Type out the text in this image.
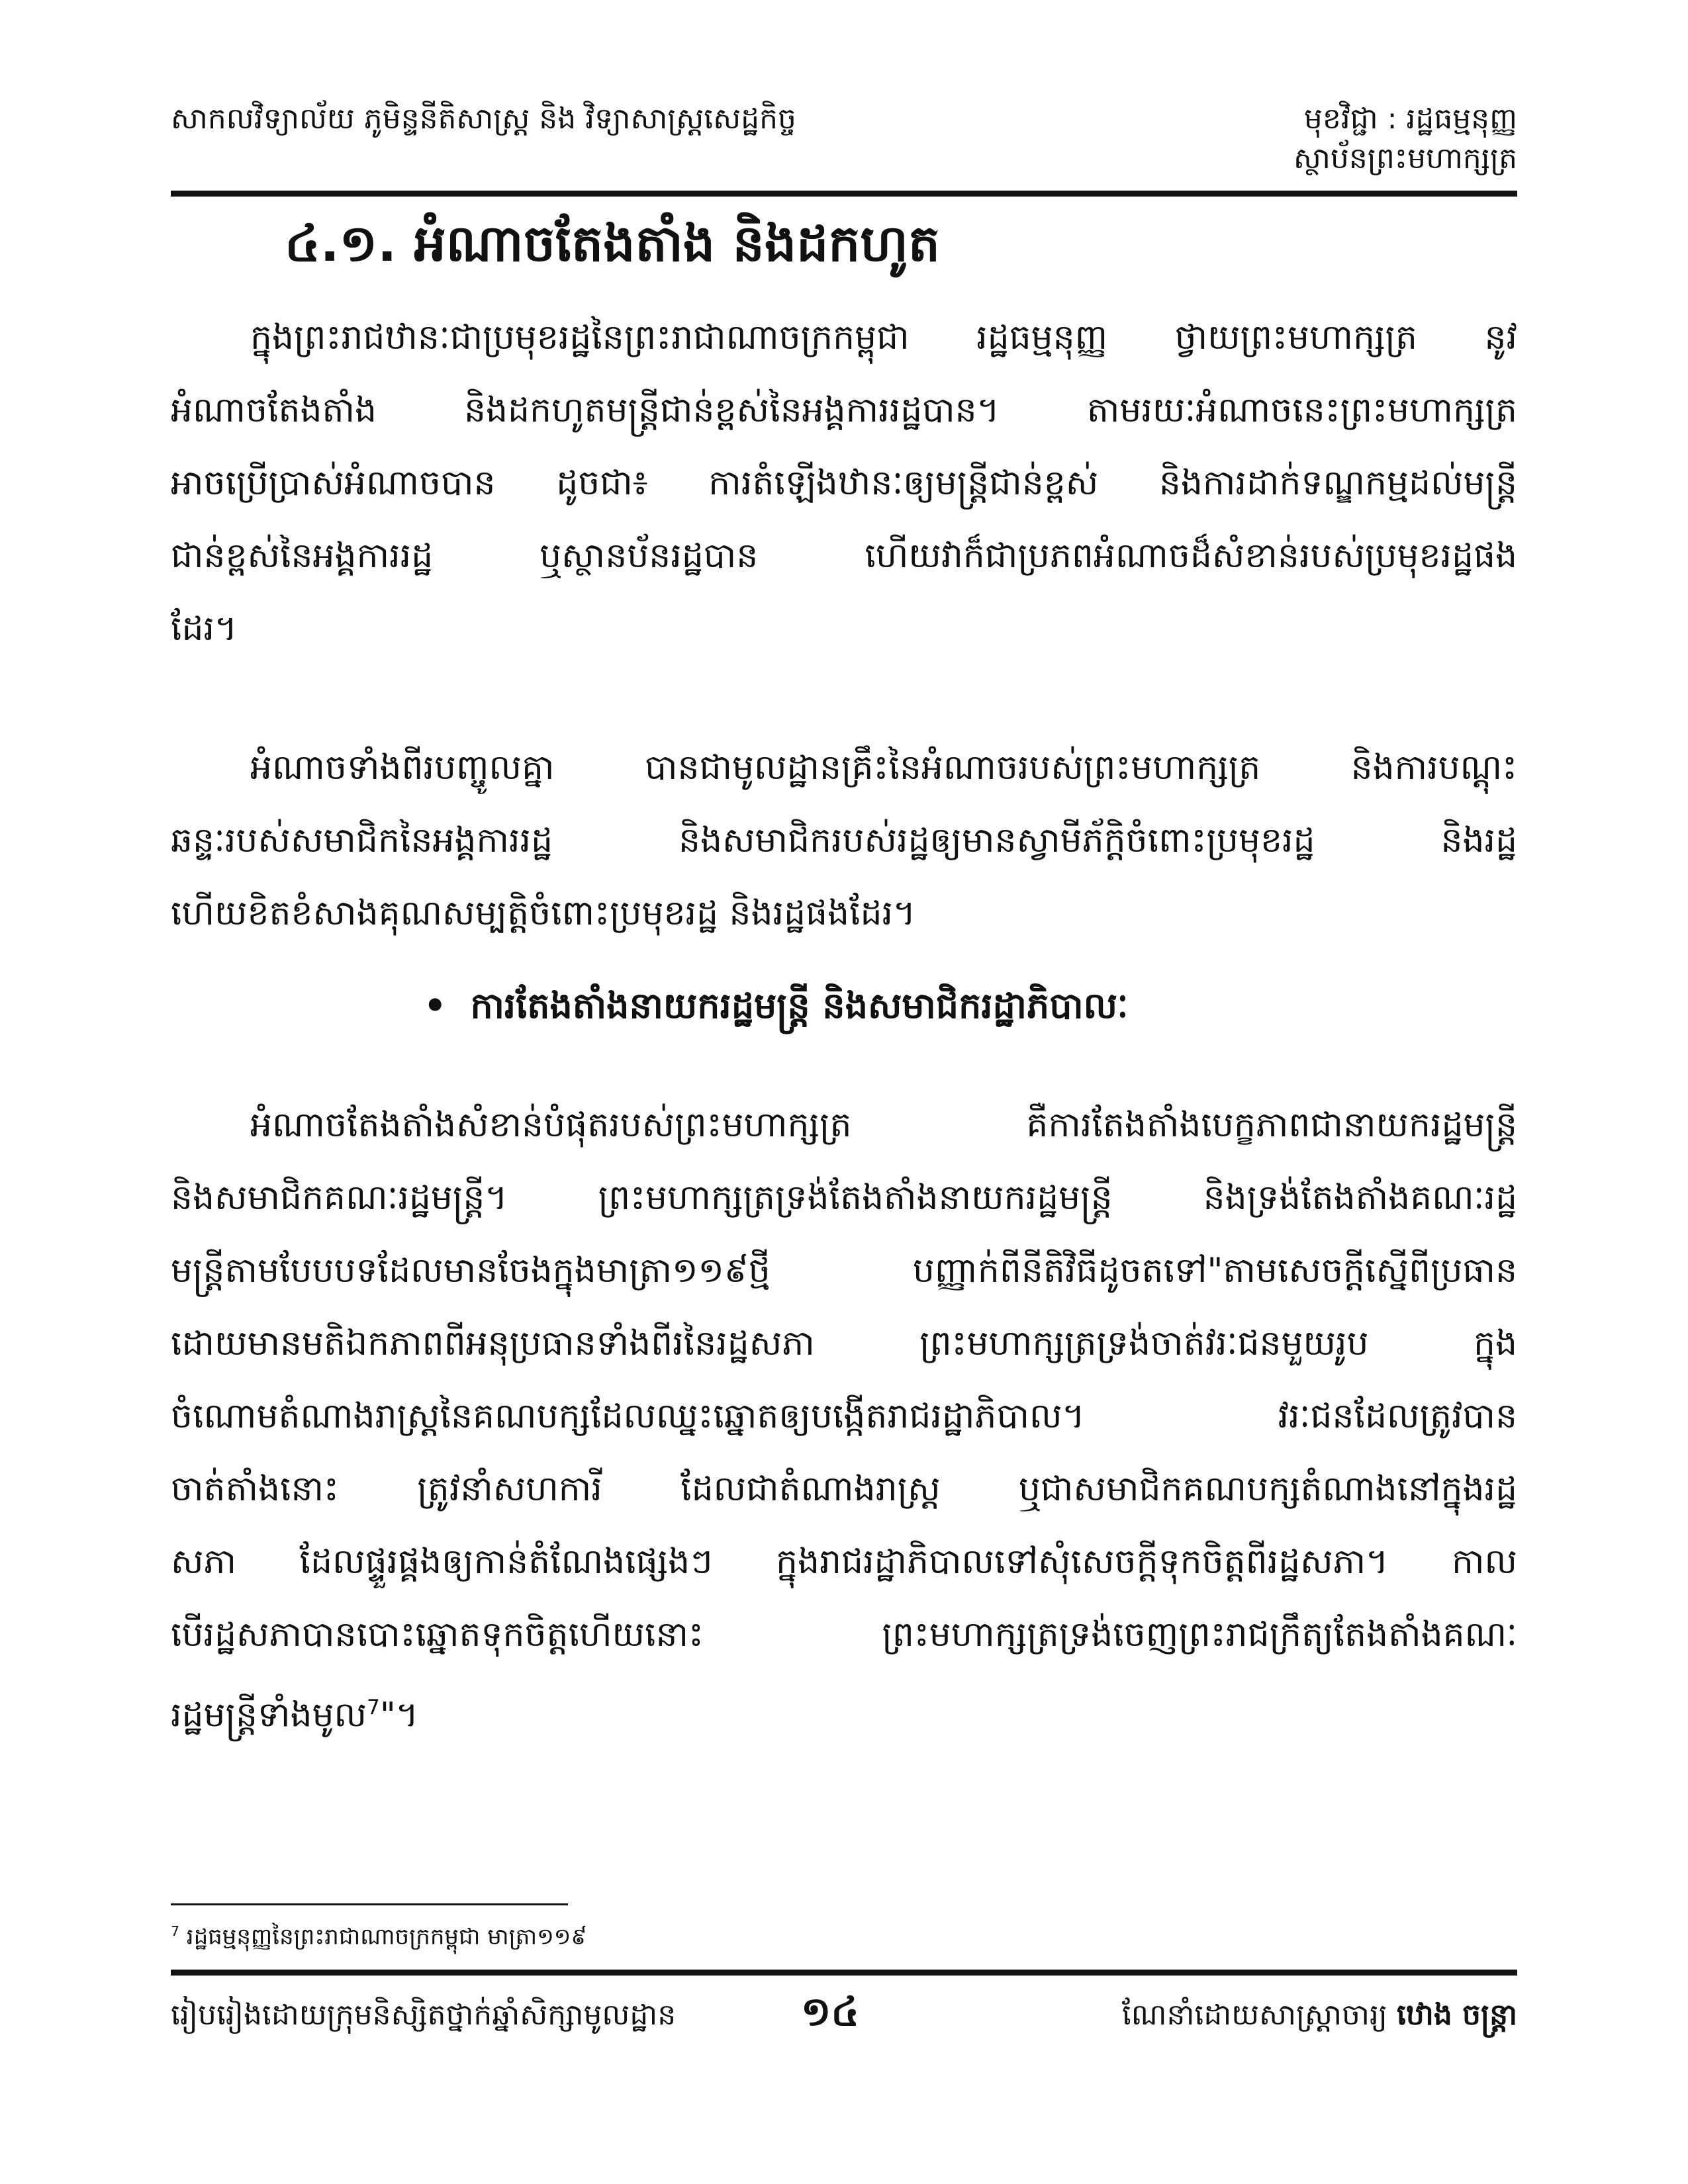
សាកលវិទ្យាល័យ ភូមិន្ទនីតិសាស្ត្រ និង វិទ្យាសាស្ត្រសេដ្ឋកិច្ច	មុខវិជ្ជា : រដ្ឋធម្មនុញ្ញ
ស្ថាប័នព្រះមហាក្សត្រ
៤.១. អំណាចតែងតាំង និងដកហូត
ក្នុងព្រះរាជឋានៈជាប្រមុខរដ្ឋនៃព្រះរាជាណាចក្រកម្ពុជា រដ្ឋធម្មនុញ្ញ ថ្វាយព្រះមហាក្សត្រ នូវ
អំណាចតែងតាំង និងដកហូតមន្ត្រីជាន់ខ្ពស់នៃអង្គការរដ្ឋបាន។ តាមរយៈអំណាចនេះព្រះមហាក្សត្រ
អាចប្រើប្រាស់អំណាចបាន ដូចជា៖ ការតំឡើងឋានៈឲ្យមន្ត្រីជាន់ខ្ពស់ និងការដាក់ទណ្ឌកម្មដល់មន្ត្រី
ជាន់ខ្ពស់នៃអង្គការរដ្ឋ ឬស្ថានប័នរដ្ឋបាន ហើយវាក៏ជាប្រភពអំណាចដ៏សំខាន់របស់ប្រមុខរដ្ឋផង
ដែរ។
អំណាចទាំងពីរបញ្ចូលគ្នា បានជាមូលដ្ឋានគ្រឹះនៃអំណាចរបស់ព្រះមហាក្សត្រ និងការបណ្តុះ
ឆន្ទៈរបស់សមាជិកនៃអង្គការរដ្ឋ និងសមាជិករបស់រដ្ឋឲ្យមានស្វាមីភ័ក្តិចំពោះប្រមុខរដ្ឋ និងរដ្ឋ
ហើយខិតខំសាងគុណសម្បត្តិចំពោះប្រមុខរដ្ឋ និងរដ្ឋផងដែរ។
• ការតែងតាំងនាយករដ្ឋមន្ត្រី និងសមាជិករដ្ឋាភិបាលៈ
អំណាចតែងតាំងសំខាន់បំផុតរបស់ព្រះមហាក្សត្រ គឺការតែងតាំងបេក្ខភាពជានាយករដ្ឋមន្ត្រី
និងសមាជិកគណៈរដ្ឋមន្ត្រី។ ព្រះមហាក្សត្រទ្រង់តែងតាំងនាយករដ្ឋមន្ត្រី និងទ្រង់តែងតាំងគណៈរដ្ឋ
មន្ត្រីតាមបែបបទដែលមានចែងក្នុងមាត្រា១១៩ថ្មី បញ្ញាក់ពីនីតិវិធីដូចតទៅ"តាមសេចក្តីស្នើពីប្រធាន
ដោយមានមតិឯកភាពពីអនុប្រធានទាំងពីរនៃរដ្ឋសភា ព្រះមហាក្សត្រទ្រង់ចាត់វរៈជនមួយរូប ក្នុង
ចំណោមតំណាងរាស្ត្រនៃគណបក្សដែលឈ្នះឆ្នោតឲ្យបង្កើតរាជរដ្ឋាភិបាល។ វរៈជនដែលត្រូវបាន
ចាត់តាំងនោះ ត្រូវនាំសហការី ដែលជាតំណាងរាស្ត្រ ឬជាសមាជិកគណបក្សតំណាងនៅក្នុងរដ្ឋ
សភា ដែលផ្ទួរផ្គងឲ្យកាន់តំណែងផ្សេងៗ ក្នុងរាជរដ្ឋាភិបាលទៅសុំសេចក្តីទុកចិត្តពីរដ្ឋសភា។ កាល
បើរដ្ឋសភាបានបោះឆ្នោតទុកចិត្តហើយនោះ ព្រះមហាក្សត្រទ្រង់ចេញព្រះរាជក្រឹត្យតែងតាំងគណៈ
រដ្ឋមន្ត្រីទាំងមូល$^7$"។
$^7$ រដ្ឋធម្មនុញ្ញនៃព្រះរាជាណាចក្រកម្ពុជា មាត្រា១១៩
រៀបរៀងដោយក្រុមនិស្សិតថ្នាក់ឆ្នាំសិក្សាមូលដ្ឋាន	១៤	ណែនាំដោយសាស្ត្រាចារ្យ ឋោង ចន្ត្រា
